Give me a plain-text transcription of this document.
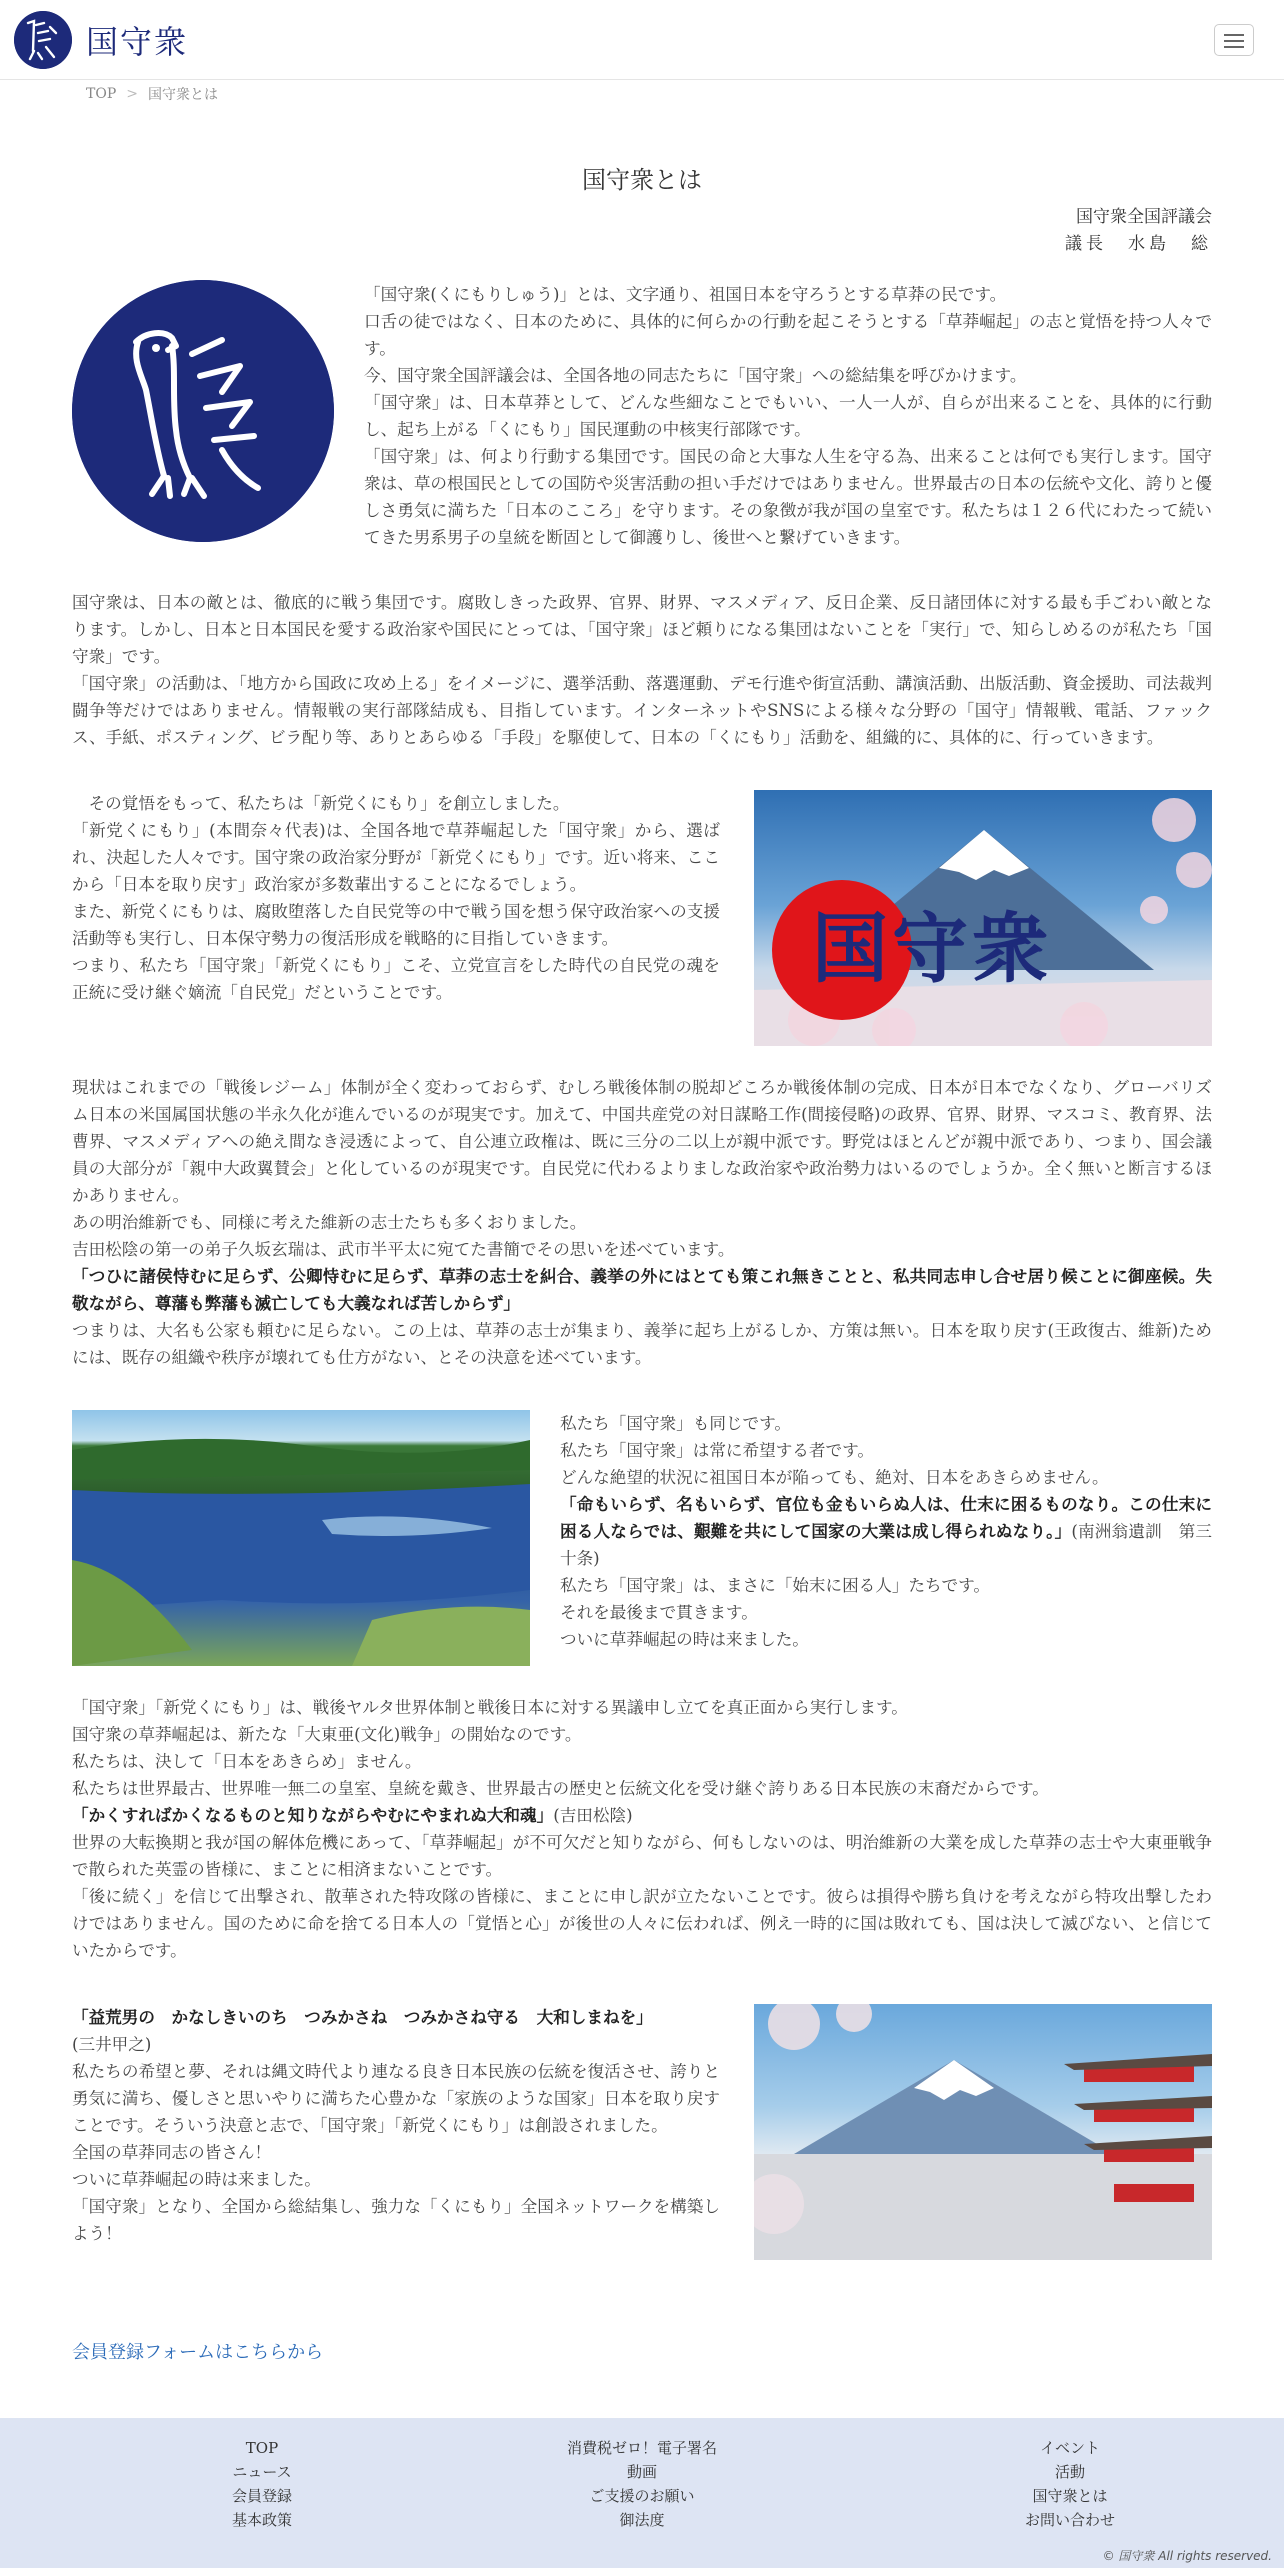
国守衆
TOP > 国守衆とは
国守衆とは
国守衆全国評議会
議長　水島　総

「国守衆(くにもりしゅう)」とは、文字通り、祖国日本を守ろうとする草莽の民です。

口舌の徒ではなく、日本のために、具体的に何らかの行動を起こそうとする「草莽崛起」の志と覚悟を持つ人々です。

今、国守衆全国評議会は、全国各地の同志たちに「国守衆」への総結集を呼びかけます。

「国守衆」は、日本草莽として、どんな些細なことでもいい、一人一人が、自らが出来ることを、具体的に行動し、起ち上がる「くにもり」国民運動の中核実行部隊です。

「国守衆」は、何より行動する集団です。国民の命と大事な人生を守る為、出来ることは何でも実行します。国守衆は、草の根国民としての国防や災害活動の担い手だけではありません。世界最古の日本の伝統や文化、誇りと優しさ勇気に満ちた「日本のこころ」を守ります。その象徴が我が国の皇室です。私たちは１２６代にわたって続いてきた男系男子の皇統を断固として御護りし、後世へと繋げていきます。

国守衆は、日本の敵とは、徹底的に戦う集団です。腐敗しきった政界、官界、財界、マスメディア、反日企業、反日諸団体に対する最も手ごわい敵となります。しかし、日本と日本国民を愛する政治家や国民にとっては、「国守衆」ほど頼りになる集団はないことを「実行」で、知らしめるのが私たち「国守衆」です。

「国守衆」の活動は、「地方から国政に攻め上る」をイメージに、選挙活動、落選運動、デモ行進や街宣活動、講演活動、出版活動、資金援助、司法裁判闘争等だけではありません。情報戦の実行部隊結成も、目指しています。インターネットやSNSによる様々な分野の「国守」情報戦、電話、ファックス、手紙、ポスティング、ビラ配り等、ありとあらゆる「手段」を駆使して、日本の「くにもり」活動を、組織的に、具体的に、行っていきます。

　その覚悟をもって、私たちは「新党くにもり」を創立しました。

「新党くにもり」(本間奈々代表)は、全国各地で草莽崛起した「国守衆」から、選ばれ、決起した人々です。国守衆の政治家分野が「新党くにもり」です。近い将来、ここから「日本を取り戻す」政治家が多数輩出することになるでしょう。

また、新党くにもりは、腐敗堕落した自民党等の中で戦う国を想う保守政治家への支援活動等も実行し、日本保守勢力の復活形成を戦略的に目指していきます。

つまり、私たち「国守衆」「新党くにもり」こそ、立党宣言をした時代の自民党の魂を正統に受け継ぐ嫡流「自民党」だということです。	国守衆

現状はこれまでの「戦後レジーム」体制が全く変わっておらず、むしろ戦後体制の脱却どころか戦後体制の完成、日本が日本でなくなり、グローバリズム日本の米国属国状態の半永久化が進んでいるのが現実です。加えて、中国共産党の対日謀略工作(間接侵略)の政界、官界、財界、マスコミ、教育界、法曹界、マスメディアへの絶え間なき浸透によって、自公連立政権は、既に三分の二以上が親中派です。野党はほとんどが親中派であり、つまり、国会議員の大部分が「親中大政翼賛会」と化しているのが現実です。自民党に代わるよりましな政治家や政治勢力はいるのでしょうか。全く無いと断言するほかありません。

あの明治維新でも、同様に考えた維新の志士たちも多くおりました。

吉田松陰の第一の弟子久坂玄瑞は、武市半平太に宛てた書簡でその思いを述べています。

「つひに諸侯恃むに足らず、公卿恃むに足らず、草莽の志士を糾合、義挙の外にはとても策これ無きことと、私共同志申し合せ居り候ことに御座候。失敬ながら、尊藩も弊藩も滅亡しても大義なれば苦しからず」

つまりは、大名も公家も頼むに足らない。この上は、草莽の志士が集まり、義挙に起ち上がるしか、方策は無い。日本を取り戻す(王政復古、維新)ためには、既存の組織や秩序が壊れても仕方がない、とその決意を述べています。

私たち「国守衆」も同じです。

私たち「国守衆」は常に希望する者です。

どんな絶望的状況に祖国日本が陥っても、絶対、日本をあきらめません。

「命もいらず、名もいらず、官位も金もいらぬ人は、仕末に困るものなり。この仕末に困る人ならでは、艱難を共にして国家の大業は成し得られぬなり。」(南洲翁遺訓　第三十条)

私たち「国守衆」は、まさに「始末に困る人」たちです。

それを最後まで貫きます。

ついに草莽崛起の時は来ました。

「国守衆」「新党くにもり」は、戦後ヤルタ世界体制と戦後日本に対する異議申し立てを真正面から実行します。

国守衆の草莽崛起は、新たな「大東亜(文化)戦争」の開始なのです。

私たちは、決して「日本をあきらめ」ません。

私たちは世界最古、世界唯一無二の皇室、皇統を戴き、世界最古の歴史と伝統文化を受け継ぐ誇りある日本民族の末裔だからです。

「かくすればかくなるものと知りながらやむにやまれぬ大和魂」(吉田松陰)

世界の大転換期と我が国の解体危機にあって、「草莽崛起」が不可欠だと知りながら、何もしないのは、明治維新の大業を成した草莽の志士や大東亜戦争で散られた英霊の皆様に、まことに相済まないことです。

「後に続く」を信じて出撃され、散華された特攻隊の皆様に、まことに申し訳が立たないことです。彼らは損得や勝ち負けを考えながら特攻出撃したわけではありません。国のために命を捨てる日本人の「覚悟と心」が後世の人々に伝われば、例え一時的に国は敗れても、国は決して滅びない、と信じていたからです。

「益荒男の　かなしきいのち　つみかさね　つみかさね守る　大和しまねを」

(三井甲之)

私たちの希望と夢、それは縄文時代より連なる良き日本民族の伝統を復活させ、誇りと勇気に満ち、優しさと思いやりに満ちた心豊かな「家族のような国家」日本を取り戻すことです。そういう決意と志で、「国守衆」「新党くにもり」は創設されました。

全国の草莽同志の皆さん！

ついに草莽崛起の時は来ました。

「国守衆」となり、全国から総結集し、強力な「くにもり」全国ネットワークを構築しよう！

会員登録フォームはこちらから
TOP
ニュース
会員登録
基本政策
消費税ゼロ！電子署名
動画
ご支援のお願い
御法度
イベント
活動
国守衆とは
お問い合わせ
© 国守衆 All rights reserved.
